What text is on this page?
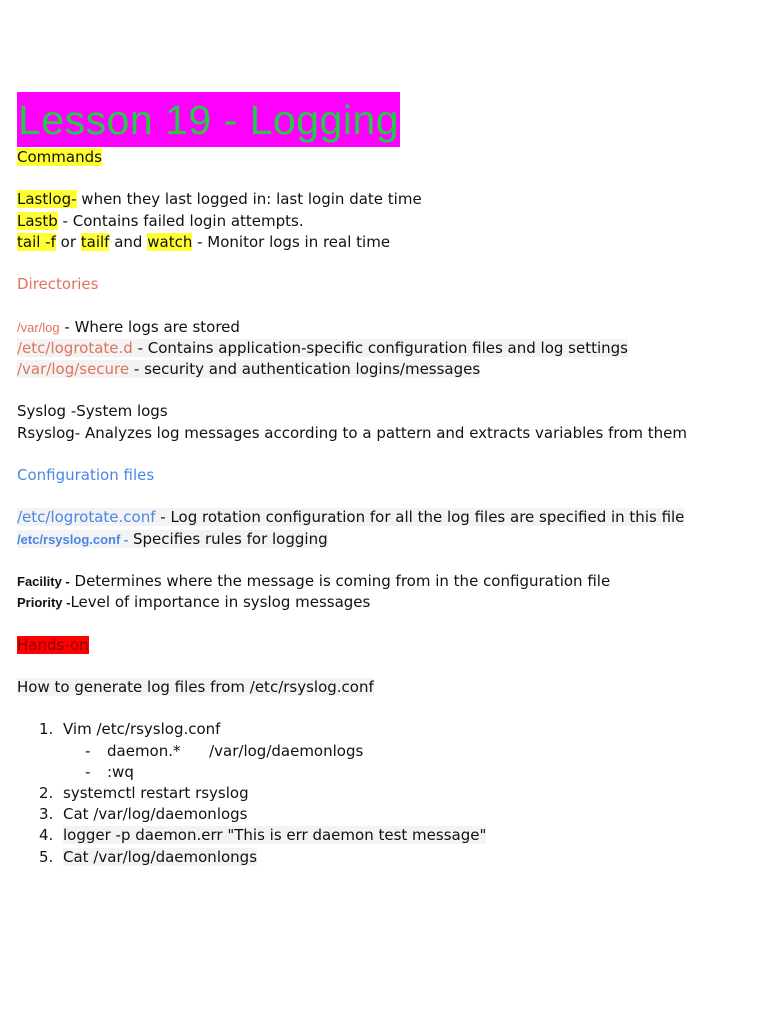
Lesson 19 - Logging
Commands
Lastlog- when they last logged in: last login date time
Lastb - Contains failed login attempts.
tail -f or tailf and watch - Monitor logs in real time
Directories
/var/log - Where logs are stored
/etc/logrotate.d - Contains application-specific configuration files and log settings
/var/log/secure - security and authentication logins/messages
Syslog -System logs
Rsyslog- Analyzes log messages according to a pattern and extracts variables from them
Configuration files
/etc/logrotate.conf - Log rotation configuration for all the log files are specified in this file
/etc/rsyslog.conf - Specifies rules for logging
Facility - Determines where the message is coming from in the configuration file
Priority -Level of importance in syslog messages
Hands-on
How to generate log files from /etc/rsyslog.conf
1. Vim /etc/rsyslog.conf
- daemon.*      /var/log/daemonlogs
- :wq
2. systemctl restart rsyslog
3. Cat /var/log/daemonlogs
4. logger -p daemon.err "This is err daemon test message"
5. Cat /var/log/daemonlongs
